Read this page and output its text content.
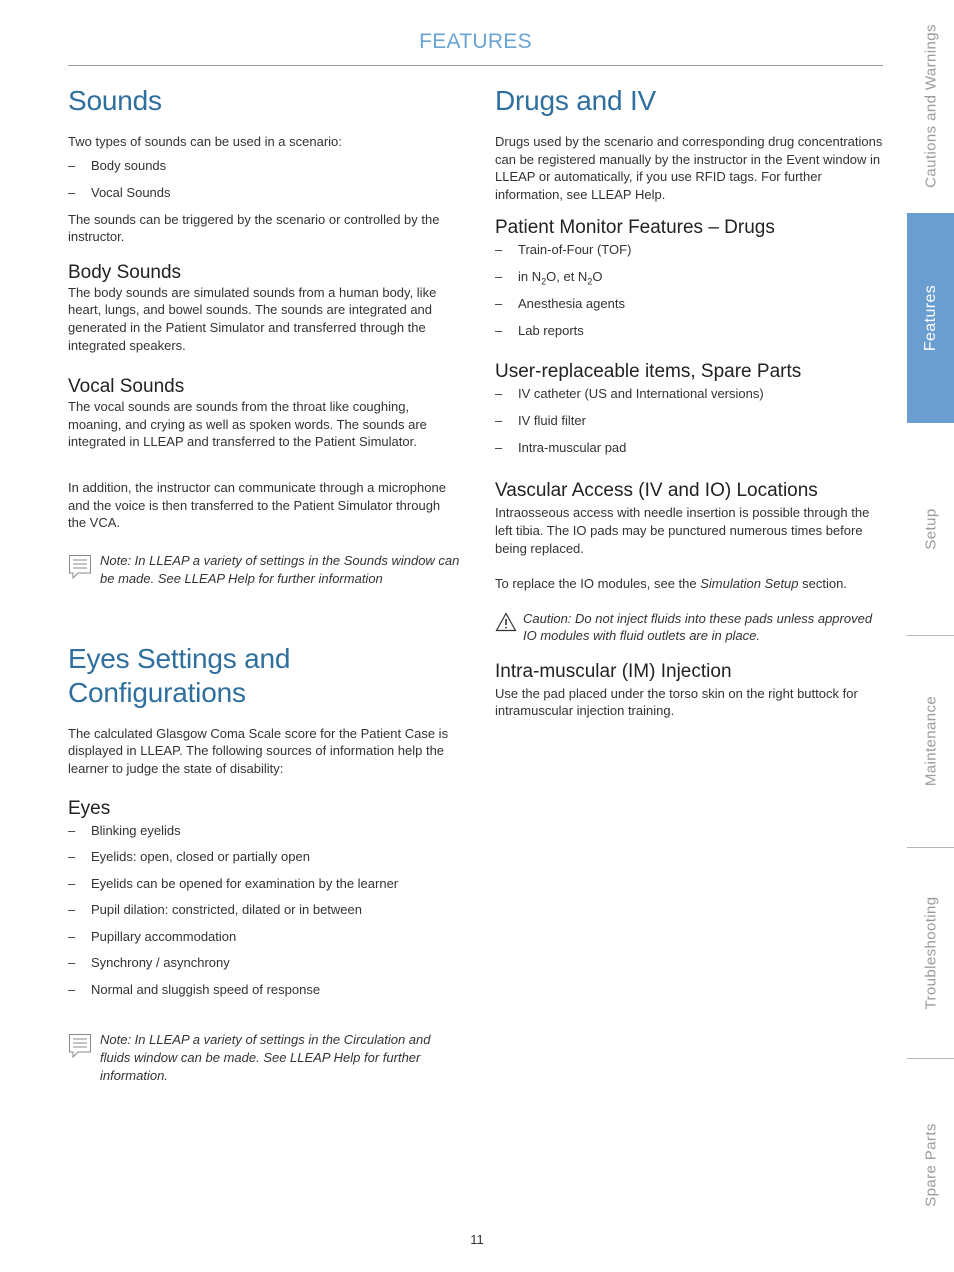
FEATURES
Sounds

Two types of sounds can be used in a scenario:

– Body sounds
– Vocal Sounds

The sounds can be triggered by the scenario or controlled by the instructor.

Body Sounds

The body sounds are simulated sounds from a human body, like heart, lungs, and bowel sounds. The sounds are integrated and generated in the Patient Simulator and transferred through the integrated speakers.

Vocal Sounds

The vocal sounds are sounds from the throat like coughing, moaning, and crying as well as spoken words. The sounds are integrated in LLEAP and transferred to the Patient Simulator.

In addition, the instructor can communicate through a microphone and the voice is then transferred to the Patient Simulator through the VCA.

Note: In LLEAP a variety of settings in the Sounds window can be made. See LLEAP Help for further information
Eyes Settings and Configurations

The calculated Glasgow Coma Scale score for the Patient Case is displayed in LLEAP. The following sources of information help the learner to judge the state of disability:

Eyes
– Blinking eyelids
– Eyelids: open, closed or partially open
– Eyelids can be opened for examination by the learner
– Pupil dilation: constricted, dilated or in between
– Pupillary accommodation
– Synchrony / asynchrony
– Normal and sluggish speed of response
Note: In LLEAP a variety of settings in the Circulation and fluids window can be made. See LLEAP Help for further information.
Drugs and IV

Drugs used by the scenario and corresponding drug concentrations can be registered manually by the instructor in the Event window in LLEAP or automatically, if you use RFID tags. For further information, see LLEAP Help.

Patient Monitor Features – Drugs
– Train-of-Four (TOF)
– in $N_2O$, et $N_2O$
– Anesthesia agents
– Lab reports
User-replaceable items, Spare Parts
– IV catheter (US and International versions)
– IV fluid filter
– Intra-muscular pad
Vascular Access (IV and IO) Locations

Intraosseous access with needle insertion is possible through the left tibia. The IO pads may be punctured numerous times before being replaced.

To replace the IO modules, see the Simulation Setup section.

Caution: Do not inject fluids into these pads unless approved IO modules with fluid outlets are in place.
Intra-muscular (IM) Injection

Use the pad placed under the torso skin on the right buttock for intramuscular injection training.

Cautions and Warnings
Features
Setup
Maintenance
Troubleshooting
Spare Parts
11
